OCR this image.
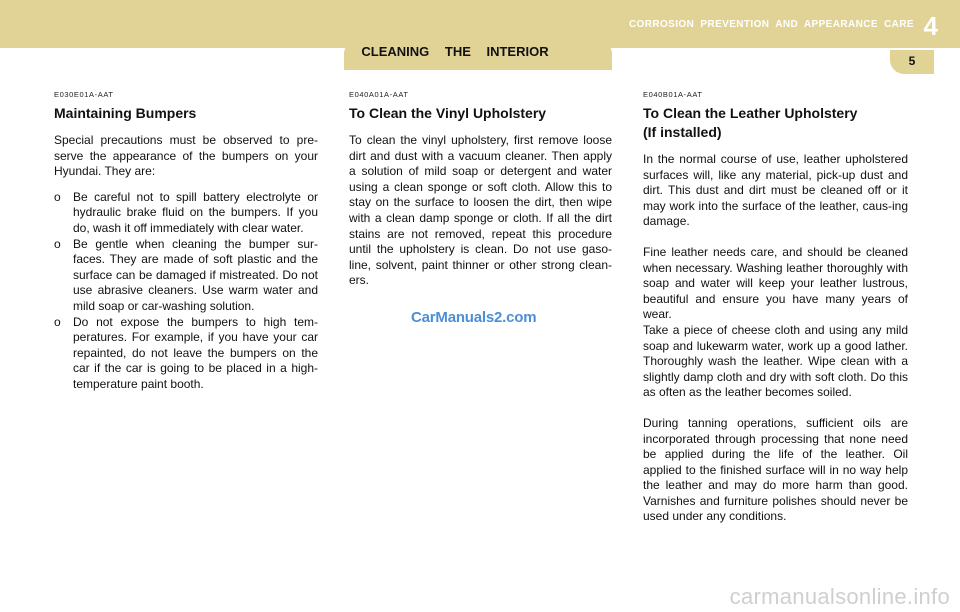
CLEANING THE INTERIOR
CORROSION PREVENTION AND APPEARANCE CARE 4
5

E030E01A-AAT

Maintaining Bumpers

Special precautions must be observed to pre-serve the appearance of the bumpers on your Hyundai. They are:

o Be careful not to spill battery electrolyte or hydraulic brake fluid on the bumpers. If you do, wash it off immediately with clear water.
o Be gentle when cleaning the bumper sur-faces. They are made of soft plastic and the surface can be damaged if mistreated. Do not use abrasive cleaners. Use warm water and mild soap or car-washing solution.
o Do not expose the bumpers to high tem-peratures. For example, if you have your car repainted, do not leave the bumpers on the car if the car is going to be placed in a high-temperature paint booth.

E040A01A-AAT

To Clean the Vinyl Upholstery

To clean the vinyl upholstery, first remove loose dirt and dust with a vacuum cleaner. Then apply a solution of mild soap or detergent and water using a clean sponge or soft cloth. Allow this to stay on the surface to loosen the dirt, then wipe with a clean damp sponge or cloth. If all the dirt stains are not removed, repeat this procedure until the upholstery is clean. Do not use gaso-line, solvent, paint thinner or other strong clean-ers.

E040B01A-AAT

To Clean the Leather Upholstery
(If installed)

In the normal course of use, leather upholstered surfaces will, like any material, pick-up dust and dirt. This dust and dirt must be cleaned off or it may work into the surface of the leather, caus-ing damage.

Fine leather needs care, and should be cleaned when necessary. Washing leather thoroughly with soap and water will keep your leather lustrous, beautiful and ensure you have many years of wear.

Take a piece of cheese cloth and using any mild soap and lukewarm water, work up a good lather. Thoroughly wash the leather. Wipe clean with a slightly damp cloth and dry with soft cloth. Do this as often as the leather becomes soiled.

During tanning operations, sufficient oils are incorporated through processing that none need be applied during the life of the leather. Oil applied to the finished surface will in no way help the leather and may do more harm than good. Varnishes and furniture polishes should never be used under any conditions.

CarManuals2.com
carmanualsonline.info
